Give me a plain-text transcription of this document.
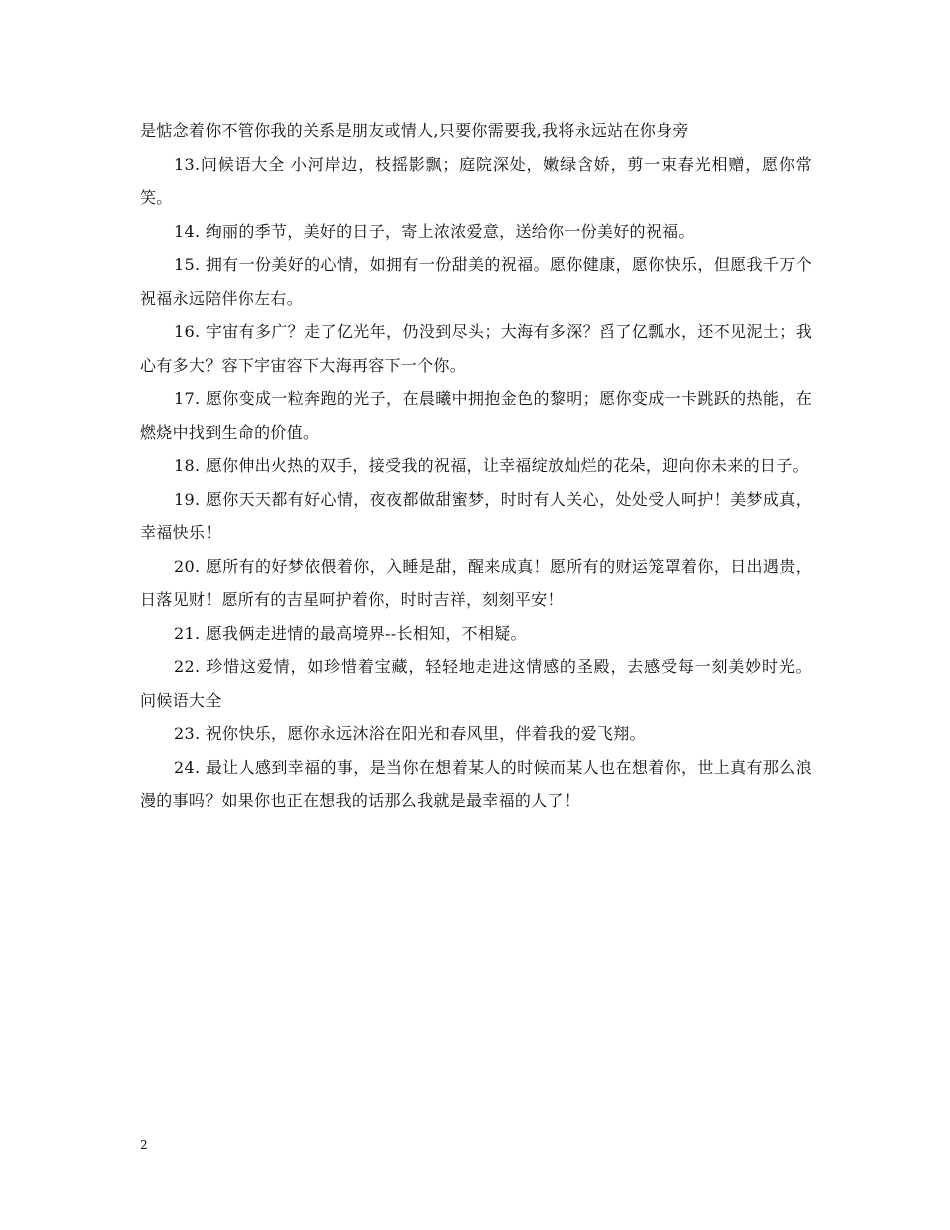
是惦念着你不管你我的关系是朋友或情人,只要你需要我,我将永远站在你身旁

13.问候语大全 小河岸边，枝摇影飘；庭院深处，嫩绿含娇，剪一束春光相赠，愿你常笑。

14. 绚丽的季节，美好的日子，寄上浓浓爱意，送给你一份美好的祝福。

15. 拥有一份美好的心情，如拥有一份甜美的祝福。愿你健康，愿你快乐，但愿我千万个祝福永远陪伴你左右。

16. 宇宙有多广？走了亿光年，仍没到尽头；大海有多深？舀了亿瓢水，还不见泥土；我心有多大？容下宇宙容下大海再容下一个你。

17. 愿你变成一粒奔跑的光子，在晨曦中拥抱金色的黎明；愿你变成一卡跳跃的热能，在燃烧中找到生命的价值。

18. 愿你伸出火热的双手，接受我的祝福，让幸福绽放灿烂的花朵，迎向你未来的日子。

19. 愿你天天都有好心情，夜夜都做甜蜜梦，时时有人关心，处处受人呵护！美梦成真，幸福快乐！

20. 愿所有的好梦依偎着你，入睡是甜，醒来成真！愿所有的财运笼罩着你，日出遇贵，日落见财！愿所有的吉星呵护着你，时时吉祥，刻刻平安！

21. 愿我俩走进情的最高境界--长相知，不相疑。

22. 珍惜这爱情，如珍惜着宝藏，轻轻地走进这情感的圣殿，去感受每一刻美妙时光。 问候语大全

23. 祝你快乐，愿你永远沐浴在阳光和春风里，伴着我的爱飞翔。

24. 最让人感到幸福的事，是当你在想着某人的时候而某人也在想着你，世上真有那么浪漫的事吗？如果你也正在想我的话那么我就是最幸福的人了！

2
